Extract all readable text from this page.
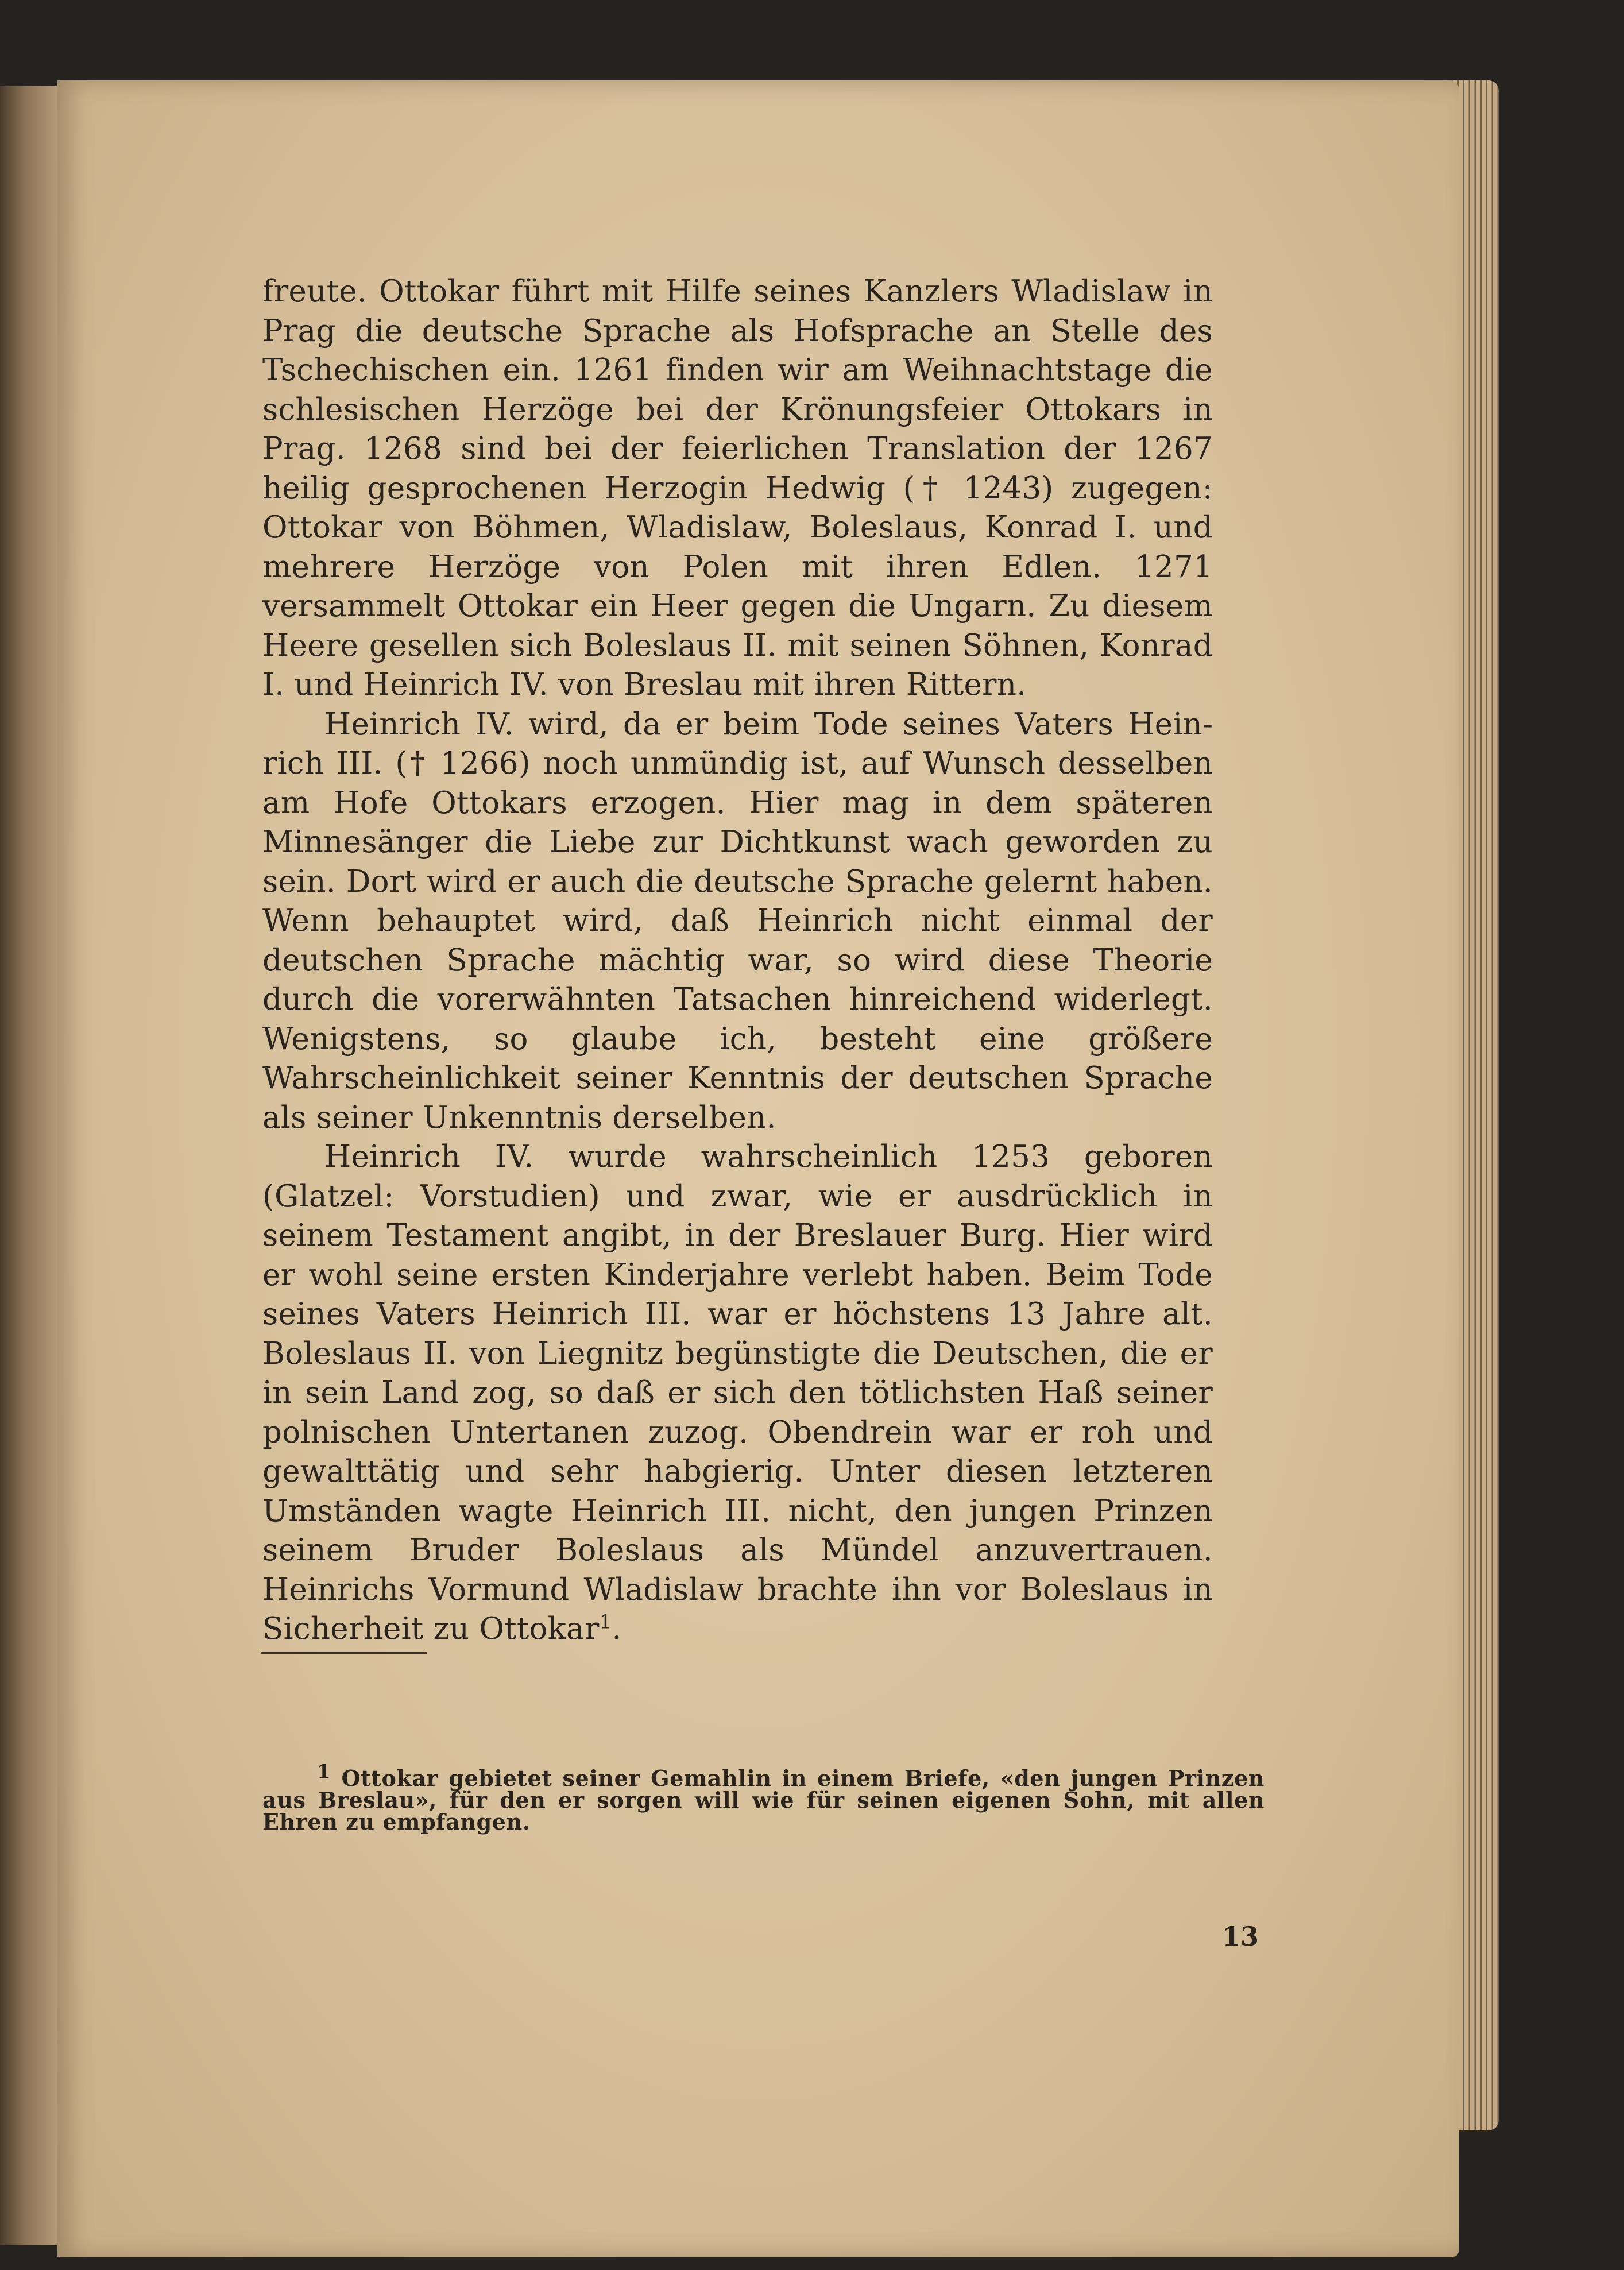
freute. Ottokar führt mit Hilfe seines Kanzlers Wladislaw in Prag die deutsche Sprache als Hofsprache an Stelle des Tschechischen ein. 1261 finden wir am Weihnachtstage die schlesischen Herzöge bei der Krönungsfeier Ottokars in Prag. 1268 sind bei der feierlichen Translation der 1267 heilig gesprochenen Herzogin Hedwig († 1243) zugegen: Ottokar von Böhmen, Wladislaw, Boleslaus, Konrad I. und mehrere Herzöge von Polen mit ihren Edlen. 1271 versammelt Ottokar ein Heer gegen die Ungarn. Zu diesem Heere gesellen sich Boleslaus II. mit seinen Söhnen, Konrad I. und Heinrich IV. von Breslau mit ihren Rittern.

Heinrich IV. wird, da er beim Tode seines Vaters Heinrich III. († 1266) noch unmündig ist, auf Wunsch desselben am Hofe Ottokars erzogen. Hier mag in dem späteren Minnesänger die Liebe zur Dichtkunst wach geworden zu sein. Dort wird er auch die deutsche Sprache gelernt haben. Wenn behauptet wird, daß Heinrich nicht einmal der deutschen Sprache mächtig war, so wird diese Theorie durch die vorerwähnten Tatsachen hinreichend widerlegt. Wenigstens, so glaube ich, besteht eine größere Wahrscheinlichkeit seiner Kenntnis der deutschen Sprache als seiner Unkenntnis derselben.

Heinrich IV. wurde wahrscheinlich 1253 geboren (Glatzel: Vorstudien) und zwar, wie er ausdrücklich in seinem Testament angibt, in der Breslauer Burg. Hier wird er wohl seine ersten Kinderjahre verlebt haben. Beim Tode seines Vaters Heinrich III. war er höchstens 13 Jahre alt. Boleslaus II. von Liegnitz begünstigte die Deutschen, die er in sein Land zog, so daß er sich den tötlichsten Haß seiner polnischen Untertanen zuzog. Obendrein war er roh und gewalttätig und sehr habgierig. Unter diesen letzteren Umständen wagte Heinrich III. nicht, den jungen Prinzen seinem Bruder Boleslaus als Mündel anzuvertrauen. Heinrichs Vormund Wladislaw brachte ihn vor Boleslaus in Sicherheit zu Ottokar$^1$.

$^1$ Ottokar gebietet seiner Gemahlin in einem Briefe, «den jungen Prinzen aus Breslau», für den er sorgen will wie für seinen eigenen Sohn, mit allen Ehren zu empfangen.

13
